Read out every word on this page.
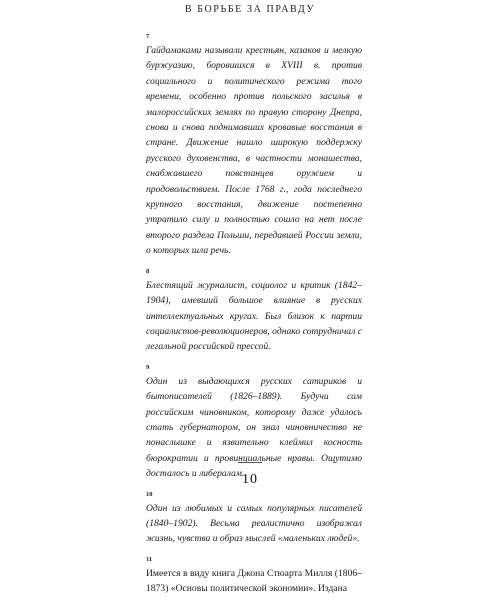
В БОРЬБЕ ЗА ПРАВДУ
7

Гайдамаками называли крестьян, казаков и мелкую буржуазию, боровшихся в XVIII в. против социального и политического режима того времени, особенно против польского засилья в малороссийских землях по правую сторону Днепра, снова и снова поднимавших кровавые восстания в стране. Движение нашло широкую поддержку русского духовенства, в частности монашества, снабжавшего повстанцев оружием и продовольствием. После 1768 г., года последнего крупного восстания, движение постепенно утратило силу и полностью сошло на нет после второго раздела Польши, передавшей России земли, о которых шла речь.

8

Блестящий журналист, социолог и критик (1842–1904), имевший большое влияние в русских интеллектуальных кругах. Был близок к партии социалистов-революционеров, однако сотрудничал с легальной российской прессой.

9

Один из выдающихся русских сатириков и бытописателей (1826–1889). Будучи сам российским чиновником, которому даже удалось стать губернатором, он знал чиновничество не понаслышке и язвительно клеймил косность бюрократии и провинциальные нравы. Ощутимо досталось и либералам.

10

Один из любимых и самых популярных писателей (1840–1902). Весьма реалистично изображал жизнь, чувства и образ мыслей «маленьких людей».

11

Имеется в виду книга Джона Стюарта Милля (1806–1873) «Основы политической экономии». Издана

10
